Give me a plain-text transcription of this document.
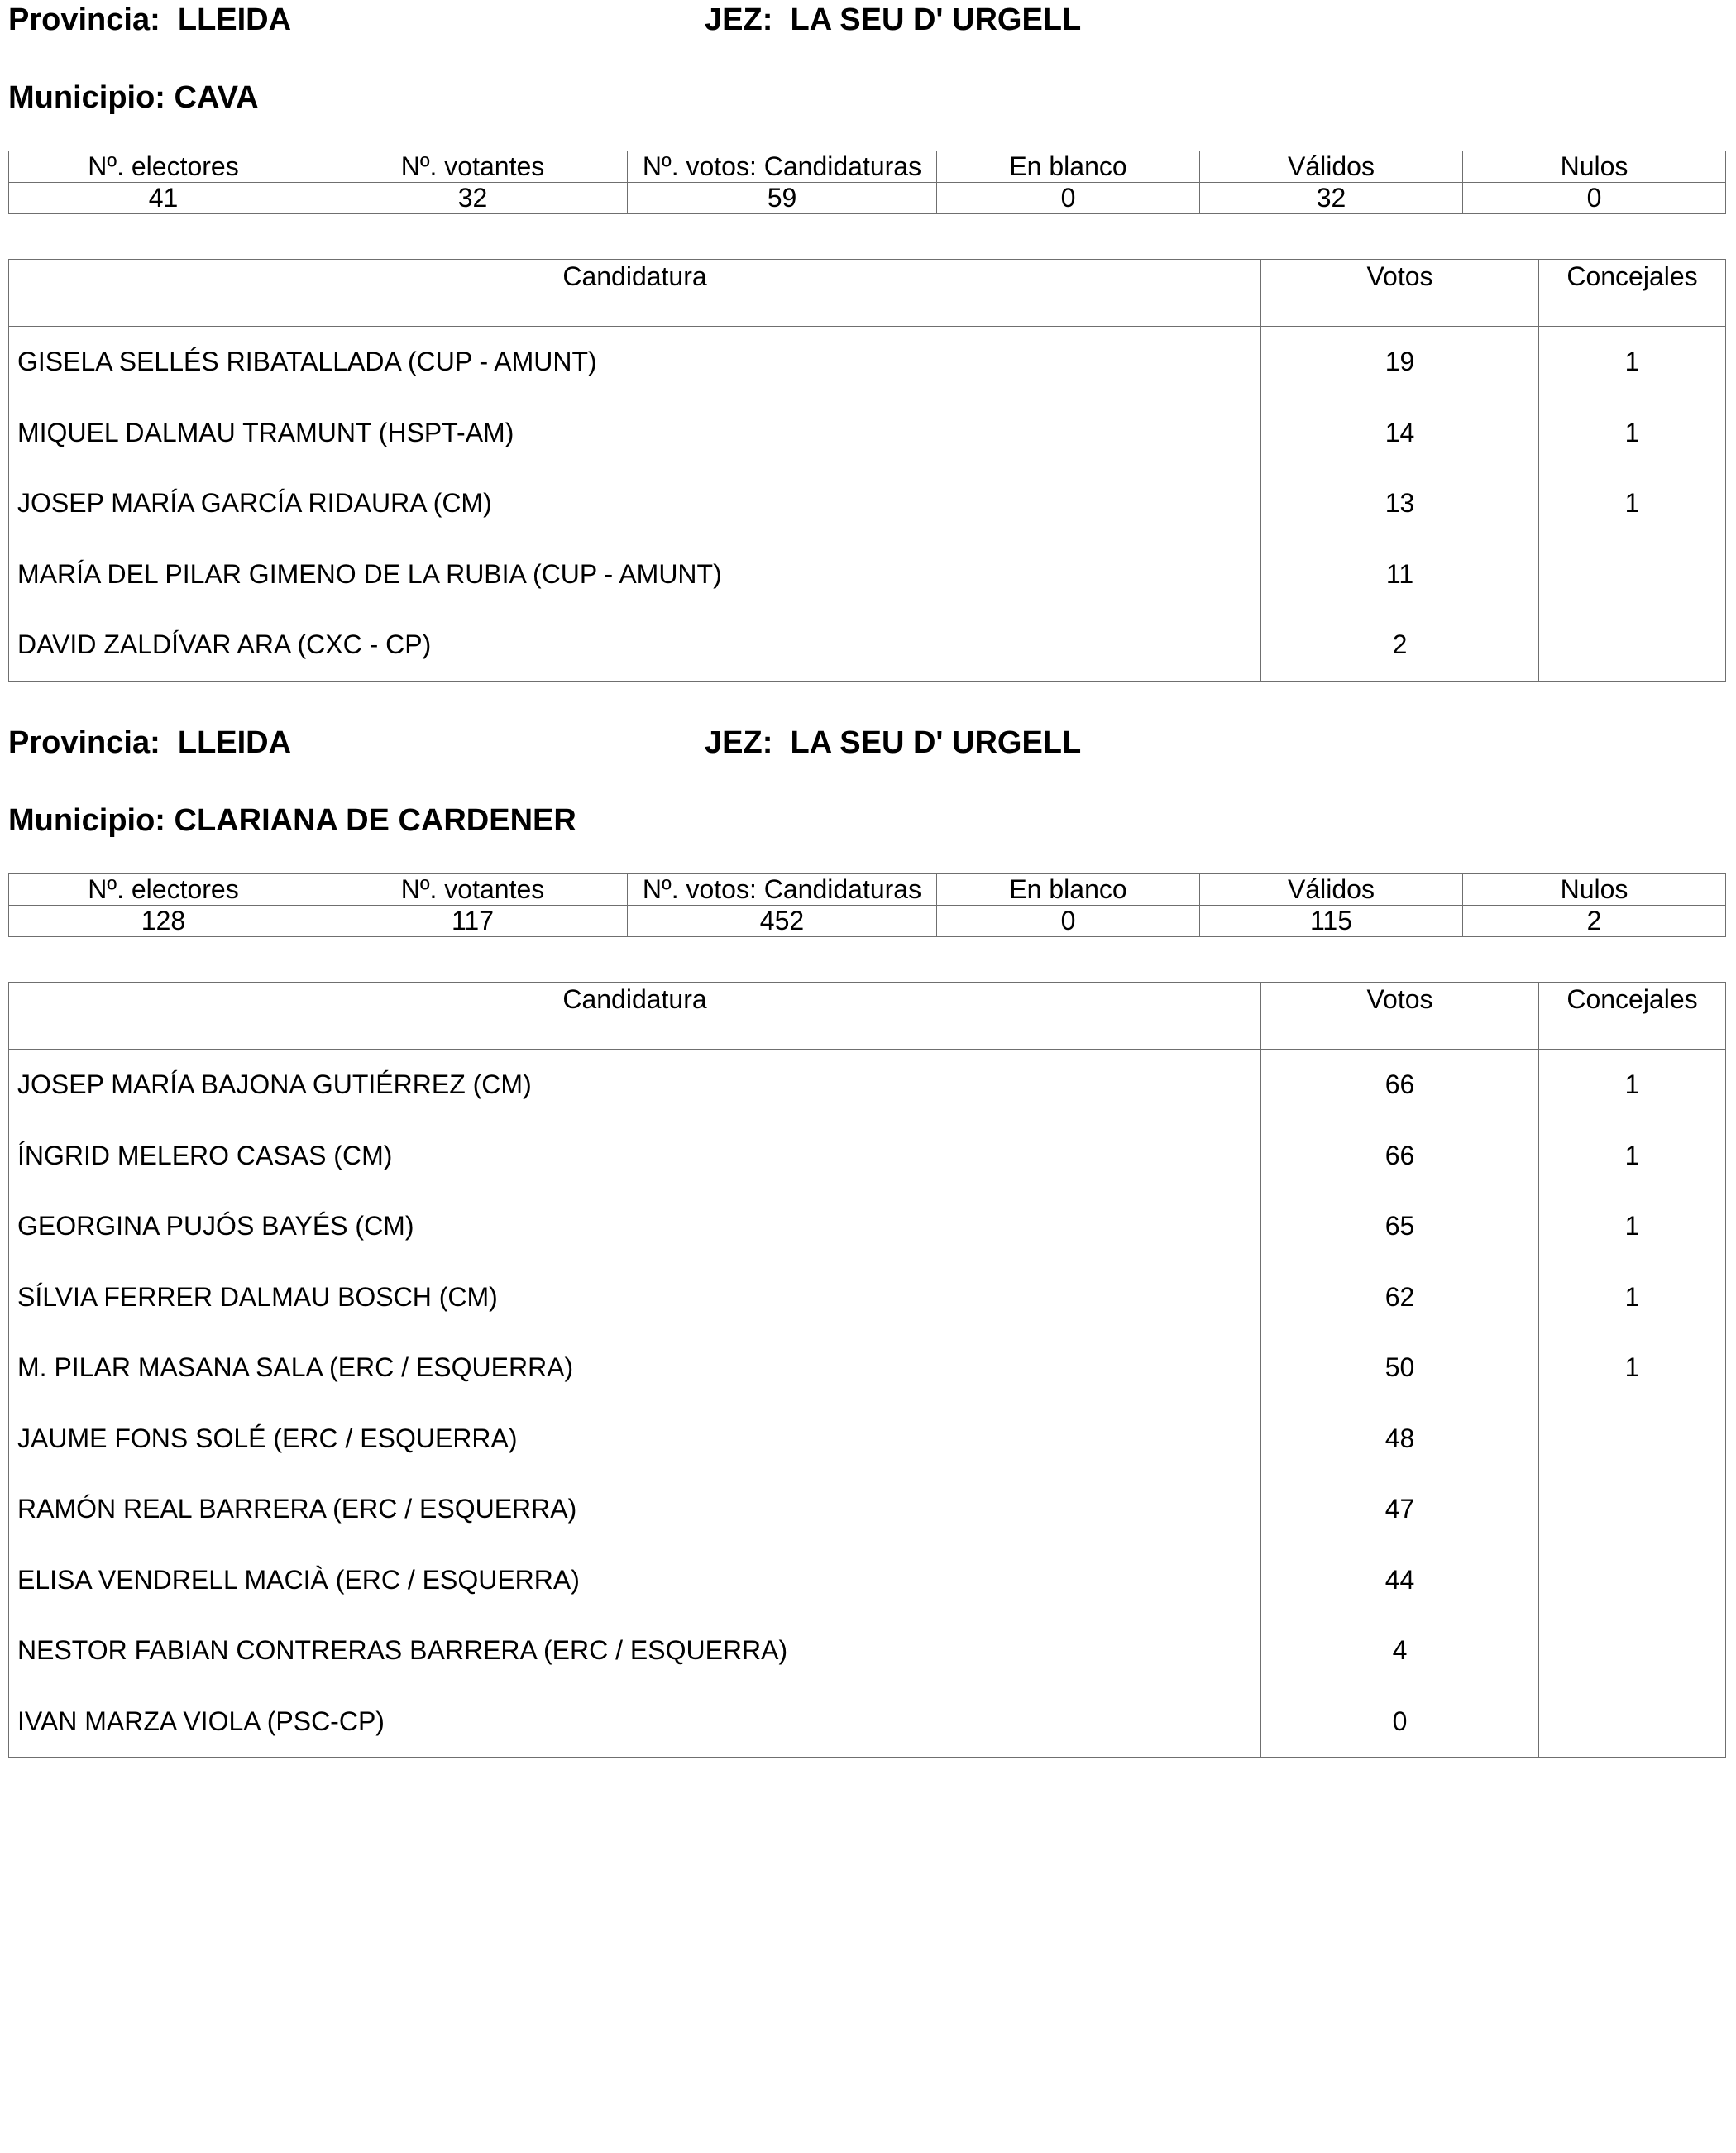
Provincia: LLEIDA	JEZ: LA SEU D' URGELL
Municipio: CAVA
Nº. electores	Nº. votantes	Nº. votos: Candidaturas	En blanco	Válidos	Nulos
41	32	59	0	32	0
Candidatura	Votos	Concejales
GISELA SELLÉS RIBATALLADA (CUP - AMUNT)	19	1
MIQUEL DALMAU TRAMUNT (HSPT-AM)	14	1
JOSEP MARÍA GARCÍA RIDAURA (CM)	13	1
MARÍA DEL PILAR GIMENO DE LA RUBIA (CUP - AMUNT)	11	
DAVID ZALDÍVAR ARA (CXC - CP)	2	
Provincia: LLEIDA	JEZ: LA SEU D' URGELL
Municipio: CLARIANA DE CARDENER
Nº. electores	Nº. votantes	Nº. votos: Candidaturas	En blanco	Válidos	Nulos
128	117	452	0	115	2
Candidatura	Votos	Concejales
JOSEP MARÍA BAJONA GUTIÉRREZ (CM)	66	1
ÍNGRID MELERO CASAS (CM)	66	1
GEORGINA PUJÓS BAYÉS (CM)	65	1
SÍLVIA FERRER DALMAU BOSCH (CM)	62	1
M. PILAR MASANA SALA (ERC / ESQUERRA)	50	1
JAUME FONS SOLÉ (ERC / ESQUERRA)	48	
RAMÓN REAL BARRERA (ERC / ESQUERRA)	47	
ELISA VENDRELL MACIÀ (ERC / ESQUERRA)	44	
NESTOR FABIAN CONTRERAS BARRERA (ERC / ESQUERRA)	4	
IVAN MARZA VIOLA (PSC-CP)	0	
